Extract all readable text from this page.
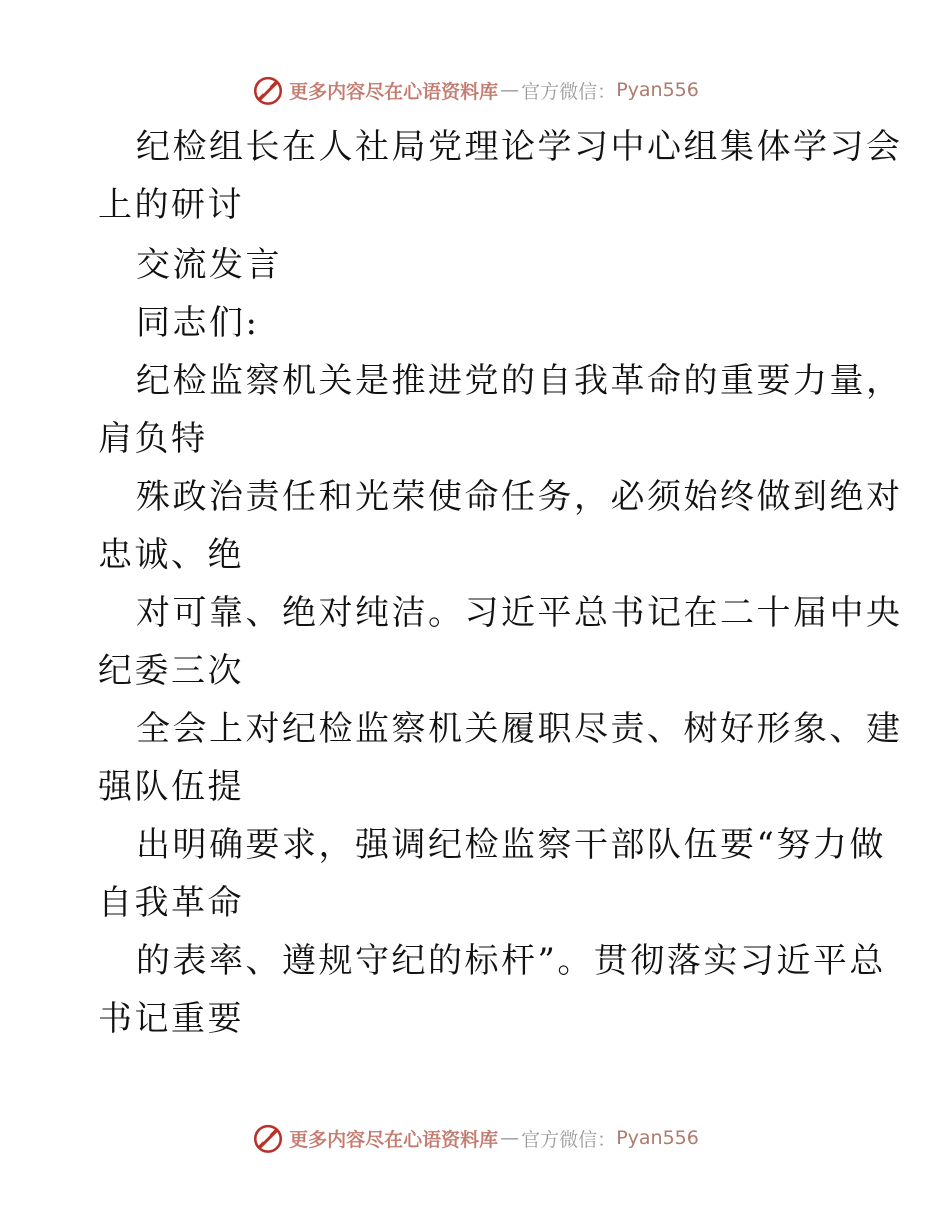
更多内容尽在心语资料库 — 官方微信： Pyan556
纪检组长在人社局党理论学习中心组集体学习会
上的研讨
交流发言
同志们:
纪检监察机关是推进党的自我革命的重要力量，
肩负特
殊政治责任和光荣使命任务，必须始终做到绝对
忠诚、绝
对可靠、绝对纯洁。习近平总书记在二十届中央
纪委三次
全会上对纪检监察机关履职尽责、树好形象、建
强队伍提
出明确要求，强调纪检监察干部队伍要“努力做
自我革命
的表率、遵规守纪的标杆”。贯彻落实习近平总
书记重要
更多内容尽在心语资料库 — 官方微信： Pyan556
